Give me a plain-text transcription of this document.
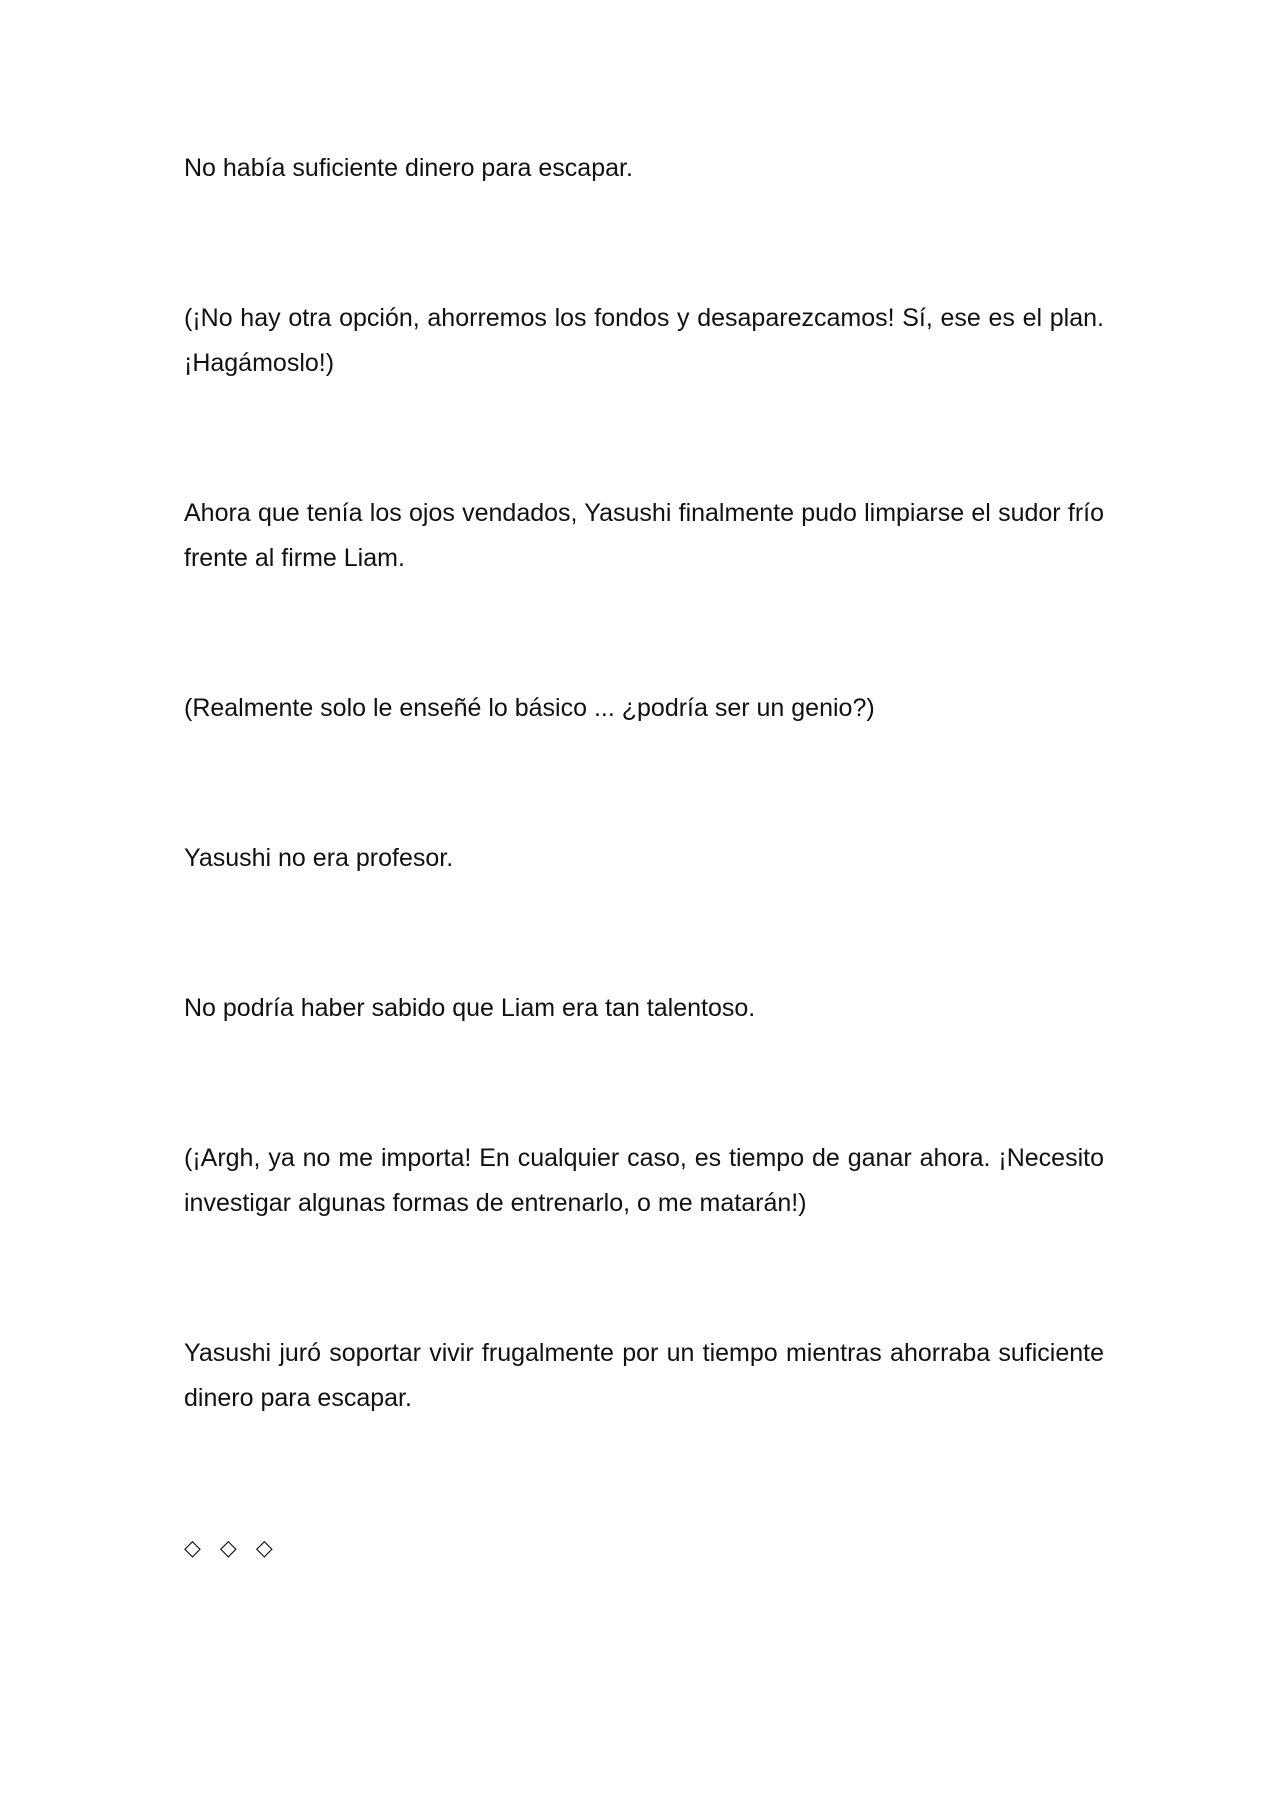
No había suficiente dinero para escapar.

(¡No hay otra opción, ahorremos los fondos y desaparezcamos! Sí, ese es el plan. ¡Hagámoslo!)

Ahora que tenía los ojos vendados, Yasushi finalmente pudo limpiarse el sudor frío frente al firme Liam.

(Realmente solo le enseñé lo básico ... ¿podría ser un genio?)

Yasushi no era profesor.

No podría haber sabido que Liam era tan talentoso.

(¡Argh, ya no me importa! En cualquier caso, es tiempo de ganar ahora. ¡Necesito investigar algunas formas de entrenarlo, o me matarán!)

Yasushi juró soportar vivir frugalmente por un tiempo mientras ahorraba suficiente dinero para escapar.

◇ ◇ ◇
